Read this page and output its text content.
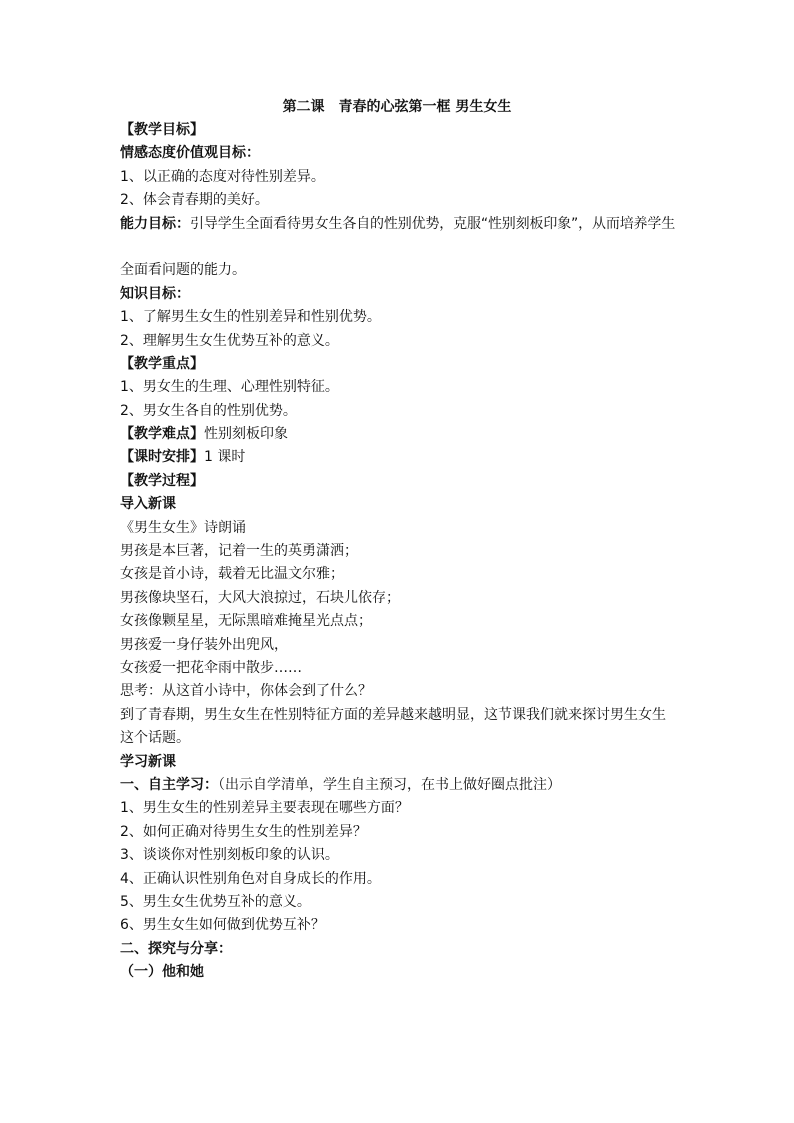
第二课　青春的心弦第一框 男生女生
【教学目标】
情感态度价值观目标：
1、以正确的态度对待性别差异。
2、体会青春期的美好。
能力目标：引导学生全面看待男女生各自的性别优势，克服“性别刻板印象”，从而培养学生
全面看问题的能力。
知识目标：
1、了解男生女生的性别差异和性别优势。
2、理解男生女生优势互补的意义。
【教学重点】
1、男女生的生理、心理性别特征。
2、男女生各自的性别优势。
【教学难点】性别刻板印象
【课时安排】1 课时
【教学过程】
导入新课
《男生女生》诗朗诵
男孩是本巨著，记着一生的英勇潇洒；
女孩是首小诗，载着无比温文尔雅；
男孩像块坚石，大风大浪掠过，石块儿依存；
女孩像颗星星，无际黑暗难掩星光点点；
男孩爱一身仔装外出兜风，
女孩爱一把花伞雨中散步……
思考：从这首小诗中，你体会到了什么？
到了青春期，男生女生在性别特征方面的差异越来越明显，这节课我们就来探讨男生女生这个话题。
学习新课
一、自主学习：（出示自学清单，学生自主预习，在书上做好圈点批注）
1、男生女生的性别差异主要表现在哪些方面？
2、如何正确对待男生女生的性别差异？
3、谈谈你对性别刻板印象的认识。
4、正确认识性别角色对自身成长的作用。
5、男生女生优势互补的意义。
6、男生女生如何做到优势互补？
二、探究与分享：
（一）他和她
